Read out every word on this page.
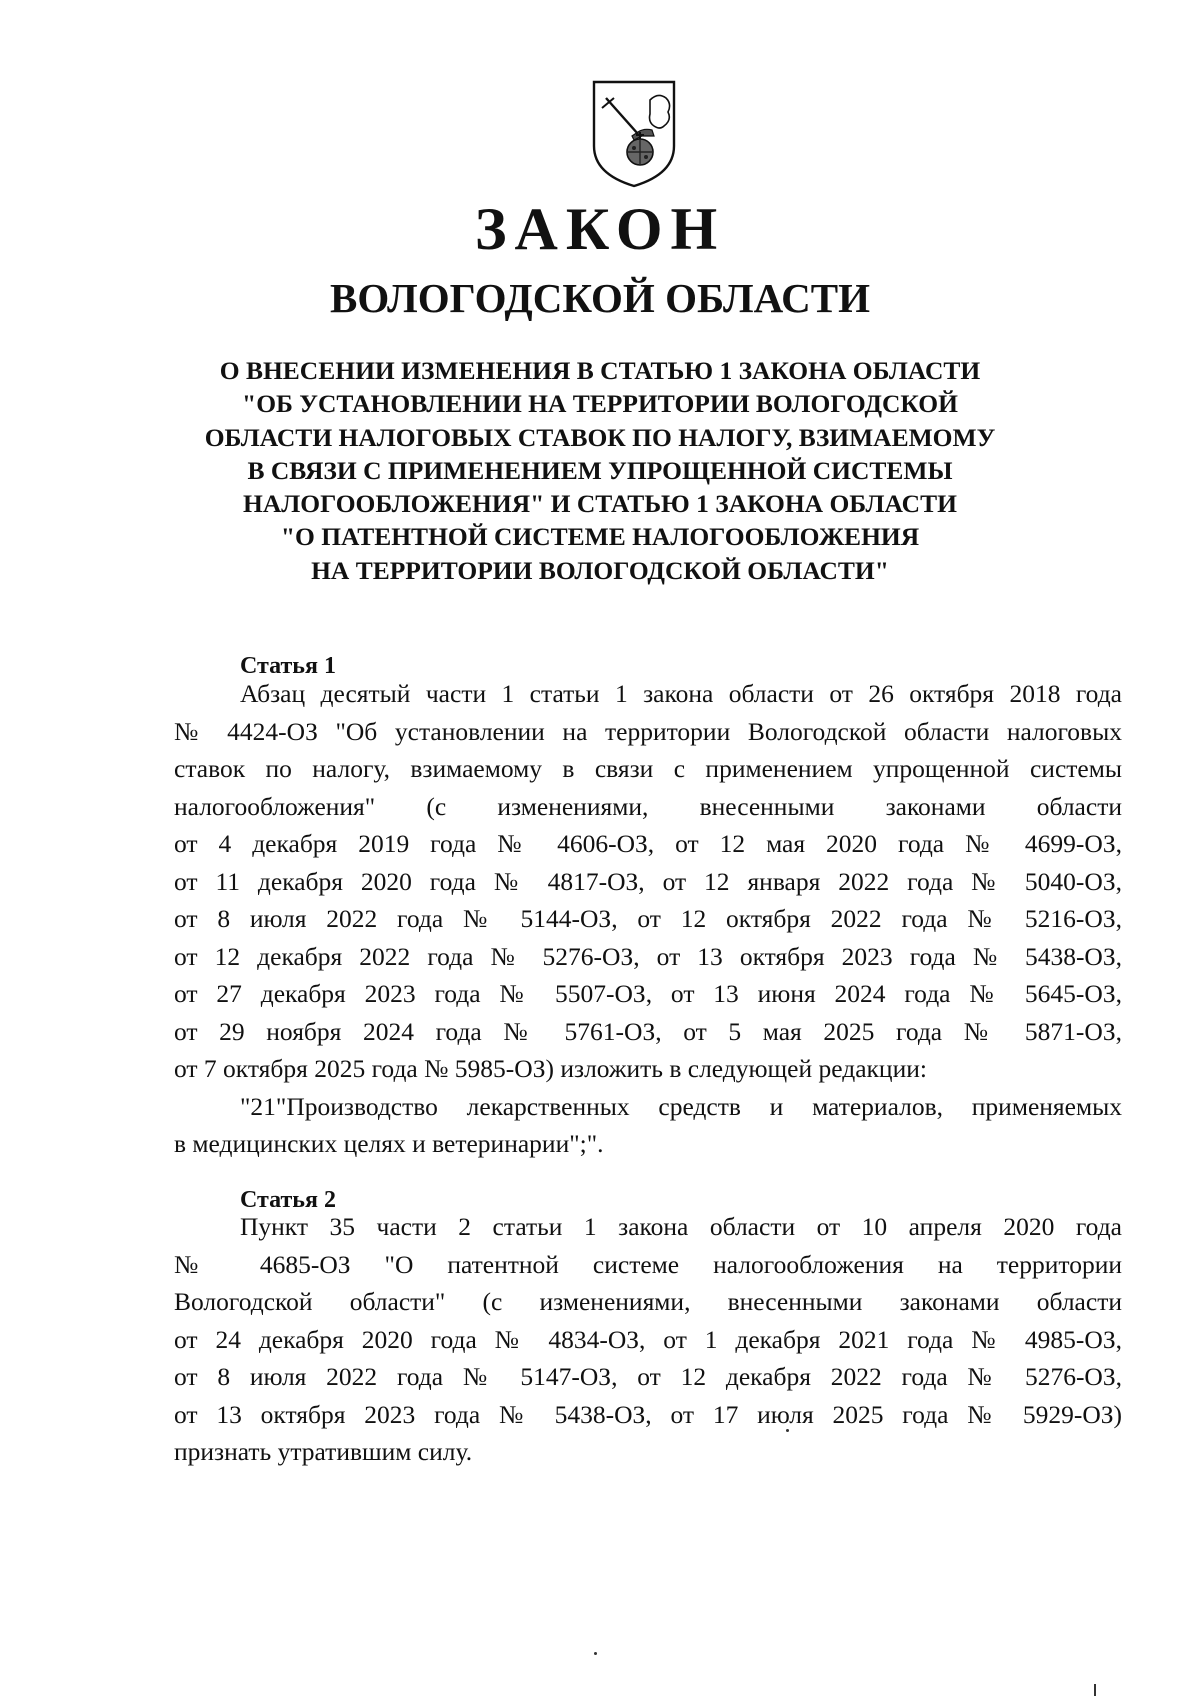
ЗАКОН
ВОЛОГОДСКОЙ ОБЛАСТИ
О ВНЕСЕНИИ ИЗМЕНЕНИЯ В СТАТЬЮ 1 ЗАКОНА ОБЛАСТИ
"ОБ УСТАНОВЛЕНИИ НА ТЕРРИТОРИИ ВОЛОГОДСКОЙ
ОБЛАСТИ НАЛОГОВЫХ СТАВОК ПО НАЛОГУ, ВЗИМАЕМОМУ
В СВЯЗИ С ПРИМЕНЕНИЕМ УПРОЩЕННОЙ СИСТЕМЫ
НАЛОГООБЛОЖЕНИЯ" И СТАТЬЮ 1 ЗАКОНА ОБЛАСТИ
"О ПАТЕНТНОЙ СИСТЕМЕ НАЛОГООБЛОЖЕНИЯ
НА ТЕРРИТОРИИ ВОЛОГОДСКОЙ ОБЛАСТИ"
Статья 1
Абзац десятый части 1 статьи 1 закона области от 26 октября 2018 года
№ 4424-ОЗ "Об установлении на территории Вологодской области налоговых
ставок по налогу, взимаемому в связи с применением упрощенной системы
налогообложения" (с изменениями, внесенными законами области
от 4 декабря 2019 года № 4606-ОЗ, от 12 мая 2020 года № 4699-ОЗ,
от 11 декабря 2020 года № 4817-ОЗ, от 12 января 2022 года № 5040-ОЗ,
от 8 июля 2022 года № 5144-ОЗ, от 12 октября 2022 года № 5216-ОЗ,
от 12 декабря 2022 года № 5276-ОЗ, от 13 октября 2023 года № 5438-ОЗ,
от 27 декабря 2023 года № 5507-ОЗ, от 13 июня 2024 года № 5645-ОЗ,
от 29 ноября 2024 года № 5761-ОЗ, от 5 мая 2025 года № 5871-ОЗ,
от 7 октября 2025 года № 5985-ОЗ) изложить в следующей редакции:
"21"Производство лекарственных средств и материалов, применяемых
в медицинских целях и ветеринарии";".
Статья 2
Пункт 35 части 2 статьи 1 закона области от 10 апреля 2020 года
№ 4685-ОЗ "О патентной системе налогообложения на территории
Вологодской области" (с изменениями, внесенными законами области
от 24 декабря 2020 года № 4834-ОЗ, от 1 декабря 2021 года № 4985-ОЗ,
от 8 июля 2022 года № 5147-ОЗ, от 12 декабря 2022 года № 5276-ОЗ,
от 13 октября 2023 года № 5438-ОЗ, от 17 июля 2025 года № 5929-ОЗ)
признать утратившим силу.
